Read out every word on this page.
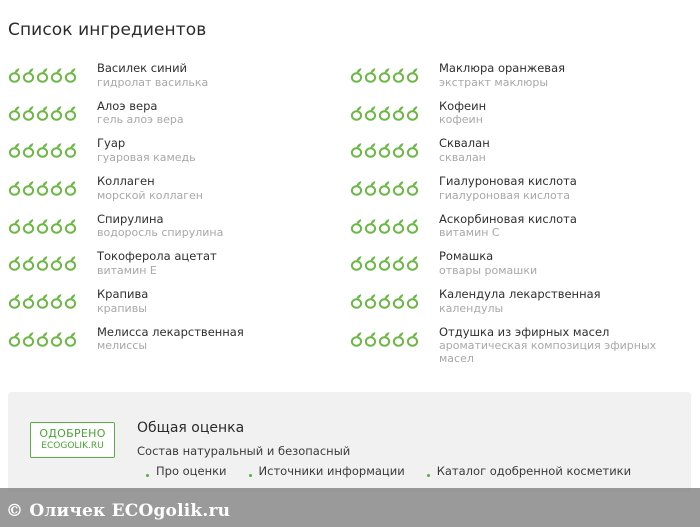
Список ингредиентов
Василек синий
гидролат василька
Алоэ вера
гель алоэ вера
Гуар
гуаровая камедь
Коллаген
морской коллаген
Спирулина
водоросль спирулина
Токоферола ацетат
витамин E
Крапива
крапивы
Мелисса лекарственная
мелиссы
Маклюра оранжевая
экстракт маклюры
Кофеин
кофеин
Сквалан
сквалан
Гиалуроновая кислота
гиалуроновая кислота
Аскорбиновая кислота
витамин C
Ромашка
отвары ромашки
Календула лекарственная
календулы
Отдушка из эфирных масел
ароматическая композиция эфирных масел
ОДОБРЕНО
ECOGOLIK.RU
Общая оценка
Состав натуральный и безопасный
Про оценки	Источники информации	Каталог одобренной косметики
© Оличек ECOgolik.ru
